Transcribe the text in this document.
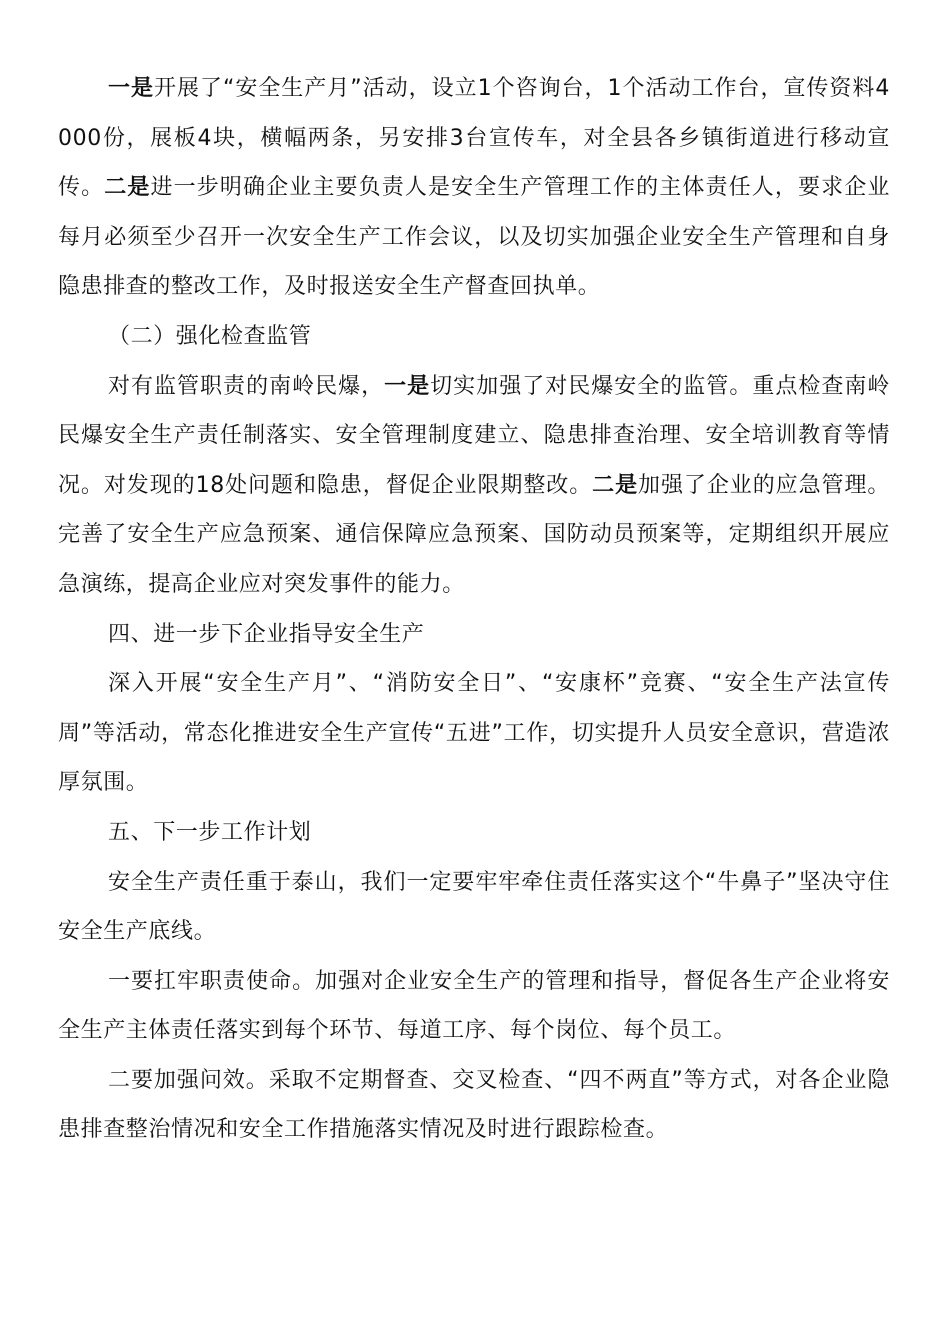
一是开展了“安全生产月”活动，设立1个咨询台，1个活动工作台，宣传资料4000份，展板4块，横幅两条，另安排3台宣传车，对全县各乡镇街道进行移动宣传。二是进一步明确企业主要负责人是安全生产管理工作的主体责任人，要求企业每月必须至少召开一次安全生产工作会议，以及切实加强企业安全生产管理和自身隐患排查的整改工作，及时报送安全生产督查回执单。

（二）强化检查监管

对有监管职责的南岭民爆，一是切实加强了对民爆安全的监管。重点检查南岭民爆安全生产责任制落实、安全管理制度建立、隐患排查治理、安全培训教育等情况。对发现的18处问题和隐患，督促企业限期整改。二是加强了企业的应急管理。完善了安全生产应急预案、通信保障应急预案、国防动员预案等，定期组织开展应急演练，提高企业应对突发事件的能力。

四、进一步下企业指导安全生产

深入开展“安全生产月”、“消防安全日”、“安康杯”竞赛、“安全生产法宣传周”等活动，常态化推进安全生产宣传“五进”工作，切实提升人员安全意识，营造浓厚氛围。

五、下一步工作计划

安全生产责任重于泰山，我们一定要牢牢牵住责任落实这个“牛鼻子”坚决守住安全生产底线。

一要扛牢职责使命。加强对企业安全生产的管理和指导，督促各生产企业将安全生产主体责任落实到每个环节、每道工序、每个岗位、每个员工。

二要加强问效。采取不定期督查、交叉检查、“四不两直”等方式，对各企业隐患排查整治情况和安全工作措施落实情况及时进行跟踪检查。
